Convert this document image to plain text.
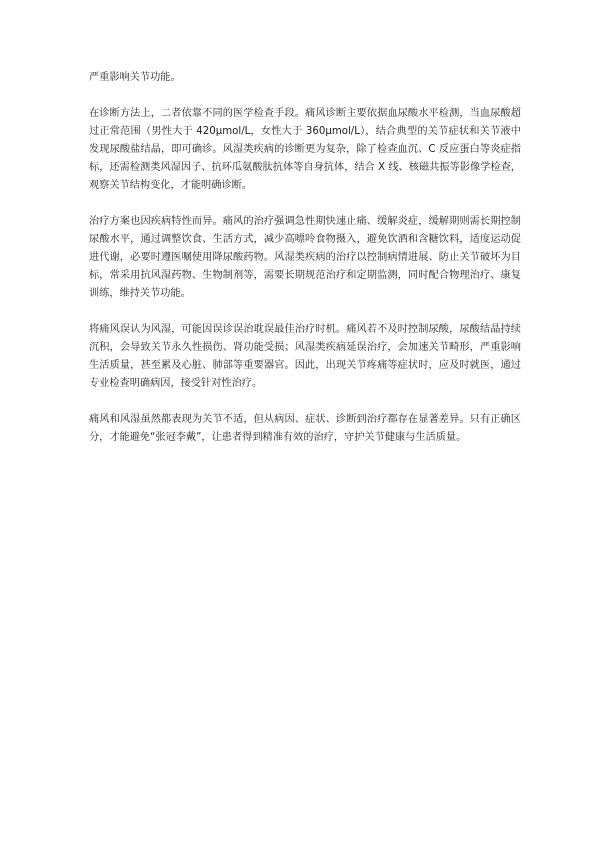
严重影响关节功能。

在诊断方法上，二者依靠不同的医学检查手段。痛风诊断主要依据血尿酸水平检测，当血尿酸超过正常范围（男性大于 420μmol/L，女性大于 360μmol/L），结合典型的关节症状和关节液中发现尿酸盐结晶，即可确诊。风湿类疾病的诊断更为复杂，除了检查血沉、C 反应蛋白等炎症指标，还需检测类风湿因子、抗环瓜氨酸肽抗体等自身抗体，结合 X 线、核磁共振等影像学检查，观察关节结构变化，才能明确诊断。

治疗方案也因疾病特性而异。痛风的治疗强调急性期快速止痛、缓解炎症，缓解期则需长期控制尿酸水平，通过调整饮食、生活方式，减少高嘌呤食物摄入，避免饮酒和含糖饮料，适度运动促进代谢，必要时遵医嘱使用降尿酸药物。风湿类疾病的治疗以控制病情进展、防止关节破坏为目标，常采用抗风湿药物、生物制剂等，需要长期规范治疗和定期监测，同时配合物理治疗、康复训练，维持关节功能。

将痛风误认为风湿，可能因误诊误治耽误最佳治疗时机。痛风若不及时控制尿酸，尿酸结晶持续沉积，会导致关节永久性损伤、肾功能受损；风湿类疾病延误治疗，会加速关节畸形，严重影响生活质量，甚至累及心脏、肺部等重要器官。因此，出现关节疼痛等症状时，应及时就医，通过专业检查明确病因，接受针对性治疗。

痛风和风湿虽然都表现为关节不适，但从病因、症状、诊断到治疗都存在显著差异。只有正确区分，才能避免“张冠李戴”，让患者得到精准有效的治疗，守护关节健康与生活质量。
